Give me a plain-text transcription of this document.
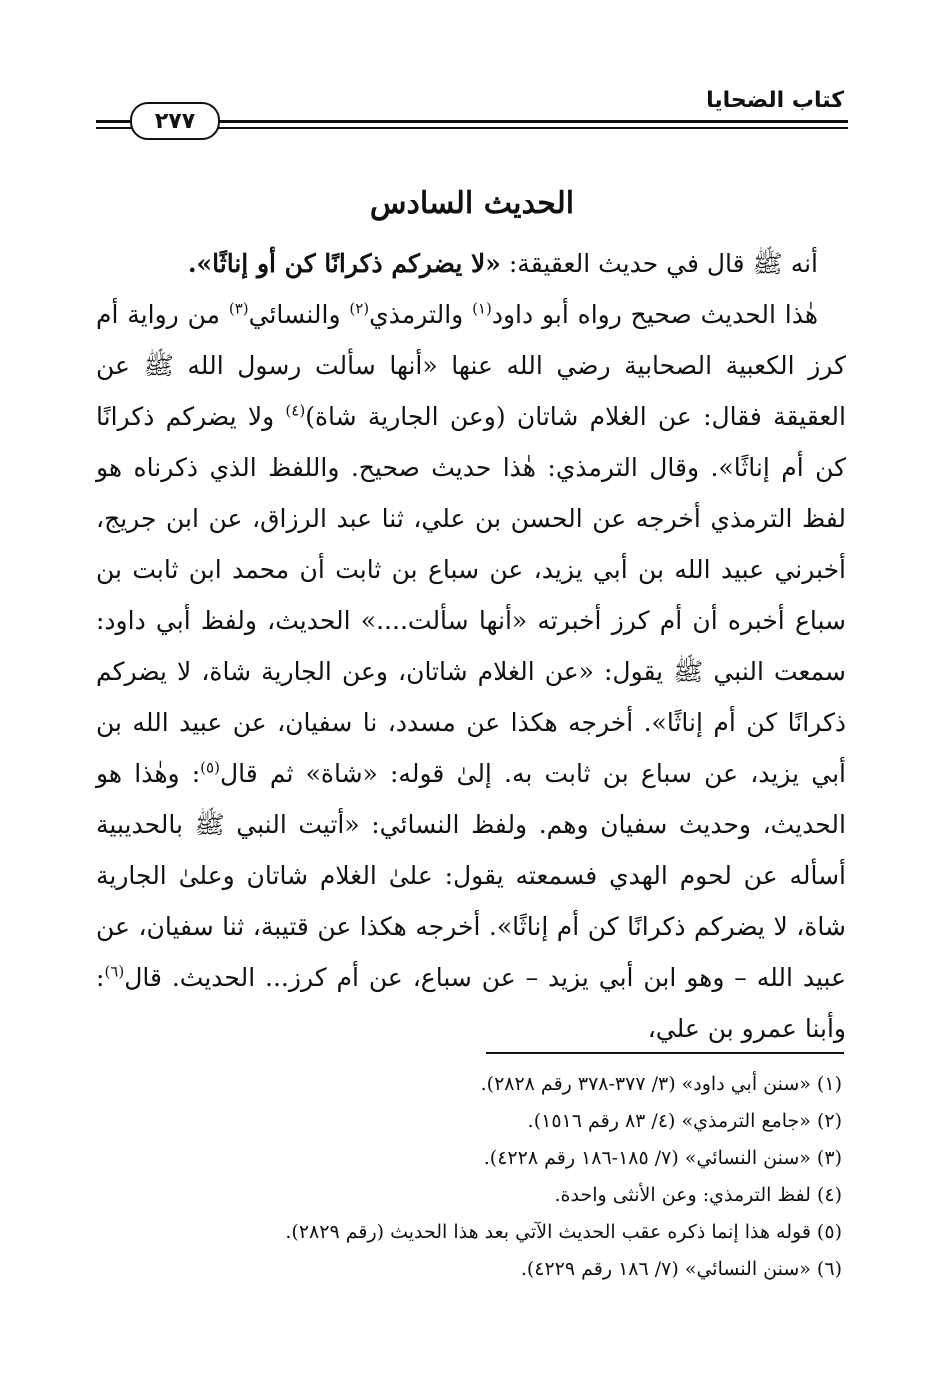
كتاب الضحايا
٢٧٧
الحديث السادس

أنه ﷺ قال في حديث العقيقة: «لا يضركم ذكرانًا كن أو إناثًا».

هٰذا الحديث صحيح رواه أبو داود$^{(١)}$ والترمذي$^{(٢)}$ والنسائي$^{(٣)}$ من رواية أم كرز الكعبية الصحابية رضي الله عنها «أنها سألت رسول الله ﷺ عن العقيقة فقال: عن الغلام شاتان (وعن الجارية شاة)$^{(٤)}$ ولا يضركم ذكرانًا كن أم إناثًا». وقال الترمذي: هٰذا حديث صحيح. واللفظ الذي ذكرناه هو لفظ الترمذي أخرجه عن الحسن بن علي، ثنا عبد الرزاق، عن ابن جريج، أخبرني عبيد الله بن أبي يزيد، عن سباع بن ثابت أن محمد ابن ثابت بن سباع أخبره أن أم كرز أخبرته «أنها سألت....» الحديث، ولفظ أبي داود: سمعت النبي ﷺ يقول: «عن الغلام شاتان، وعن الجارية شاة، لا يضركم ذكرانًا كن أم إناثًا». أخرجه هكذا عن مسدد، نا سفيان، عن عبيد الله بن أبي يزيد، عن سباع بن ثابت به. إلىٰ قوله: «شاة» ثم قال$^{(٥)}$: وهٰذا هو الحديث، وحديث سفيان وهم. ولفظ النسائي: «أتيت النبي ﷺ بالحديبية أسأله عن لحوم الهدي فسمعته يقول: علىٰ الغلام شاتان وعلىٰ الجارية شاة، لا يضركم ذكرانًا كن أم إناثًا». أخرجه هكذا عن قتيبة، ثنا سفيان، عن عبيد الله – وهو ابن أبي يزيد – عن سباع، عن أم كرز... الحديث. قال$^{(٦)}$: وأبنا عمرو بن علي،

(١) «سنن أبي داود» (٣/ ٣٧٧-٣٧٨ رقم ٢٨٢٨).
(٢) «جامع الترمذي» (٤/ ٨٣ رقم ١٥١٦).
(٣) «سنن النسائي» (٧/ ١٨٥-١٨٦ رقم ٤٢٢٨).
(٤) لفظ الترمذي: وعن الأنثى واحدة.
(٥) قوله هذا إنما ذكره عقب الحديث الآتي بعد هذا الحديث (رقم ٢٨٢٩).
(٦) «سنن النسائي» (٧/ ١٨٦ رقم ٤٢٢٩).
